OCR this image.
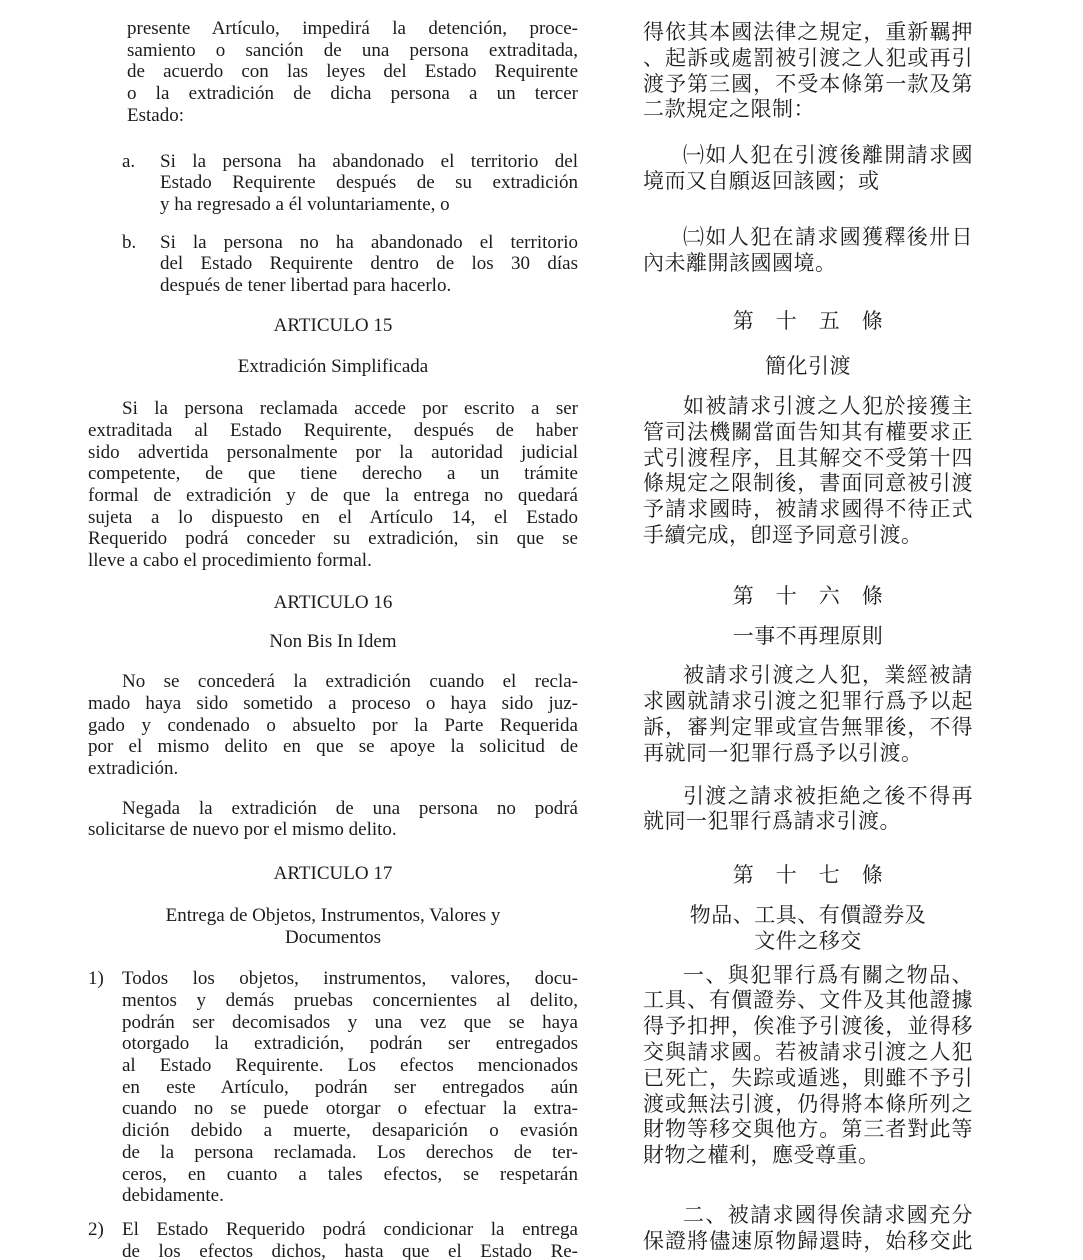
presente Artículo, impedirá la detención, proce-
samiento o sanción de una persona extraditada,
de acuerdo con las leyes del Estado Requirente
o la extradición de dicha persona a un tercer
Estado:
a.	Si la persona ha abandonado el territorio del
Estado Requirente después de su extradición
y ha regresado a él voluntariamente, o
b.	Si la persona no ha abandonado el territorio
del Estado Requirente dentro de los 30 días
después de tener libertad para hacerlo.
ARTICULO 15
Extradición Simplificada
Si la persona reclamada accede por escrito a ser
extraditada al Estado Requirente, después de haber
sido advertida personalmente por la autoridad judicial
competente, de que tiene derecho a un trámite
formal de extradición y de que la entrega no quedará
sujeta a lo dispuesto en el Artículo 14, el Estado
Requerido podrá conceder su extradición, sin que se
lleve a cabo el procedimiento formal.
ARTICULO 16
Non Bis In Idem
No se concederá la extradición cuando el recla-
mado haya sido sometido a proceso o haya sido juz-
gado y condenado o absuelto por la Parte Requerida
por el mismo delito en que se apoye la solicitud de
extradición.
Negada la extradición de una persona no podrá
solicitarse de nuevo por el mismo delito.
ARTICULO 17
Entrega de Objetos, Instrumentos, Valores y
Documentos
1) Todos los objetos, instrumentos, valores, docu-
mentos y demás pruebas concernientes al delito,
podrán ser decomisados y una vez que se haya
otorgado la extradición, podrán ser entregados
al Estado Requirente. Los efectos mencionados
en este Artículo, podrán ser entregados aún
cuando no se puede otorgar o efectuar la extra-
dición debido a muerte, desaparición o evasión
de la persona reclamada. Los derechos de ter-
ceros, en cuanto a tales efectos, se respetarán
debidamente.
2) El Estado Requerido podrá condicionar la entrega
de los efectos dichos, hasta que el Estado Re-
得依其本國法律之規定，重新羈押
、起訴或處罰被引渡之人犯或再引
渡予第三國，不受本條第一款及第
二款規定之限制：
㈠如人犯在引渡後離開請求國
境而又自願返回該國；或
㈡如人犯在請求國獲釋後卅日
內未離開該國國境。
第　十　五　條
簡化引渡
如被請求引渡之人犯於接獲主
管司法機關當面告知其有權要求正
式引渡程序，且其解交不受第十四
條規定之限制後，書面同意被引渡
予請求國時，被請求國得不待正式
手續完成，卽逕予同意引渡。
第　十　六　條
一事不再理原則
被請求引渡之人犯，業經被請
求國就請求引渡之犯罪行爲予以起
訴，審判定罪或宣告無罪後，不得
再就同一犯罪行爲予以引渡。
引渡之請求被拒絶之後不得再
就同一犯罪行爲請求引渡。
第　十　七　條
物品、工具、有價證券及
文件之移交
一、與犯罪行爲有關之物品、
工具、有價證券、文件及其他證據
得予扣押，俟准予引渡後，並得移
交與請求國。若被請求引渡之人犯
已死亡，失踪或遁逃，則雖不予引
渡或無法引渡，仍得將本條所列之
財物等移交與他方。第三者對此等
財物之權利，應受尊重。
二、被請求國得俟請求國充分
保證將儘速原物歸還時，始移交此
